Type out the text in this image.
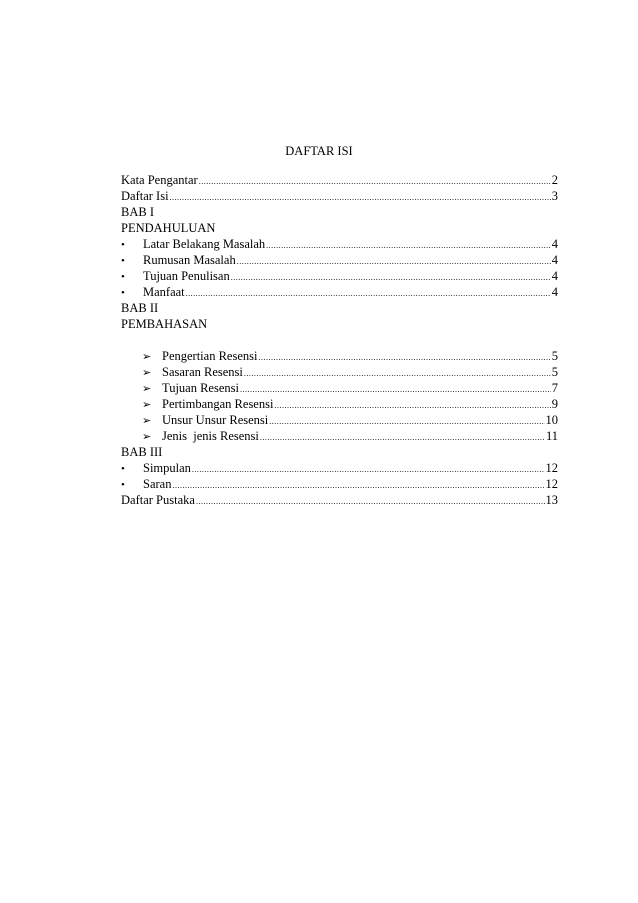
DAFTAR ISI
Kata Pengantar .....	2
Daftar Isi .....	3
BAB I
PENDAHULUAN
•	Latar Belakang Masalah .....	4
•	Rumusan Masalah .....	4
•	Tujuan Penulisan .....	4
•	Manfaat .....	4
BAB II
PEMBAHASAN
➢ Pengertian Resensi .....	5
➢ Sasaran Resensi .....	5
➢ Tujuan Resensi .....	7
➢ Pertimbangan Resensi .....	9
➢ Unsur Unsur Resensi .....	10
➢ Jenis  jenis Resensi .....	11
BAB III
•	Simpulan .....	12
•	Saran .....	12
Daftar Pustaka .....	13
